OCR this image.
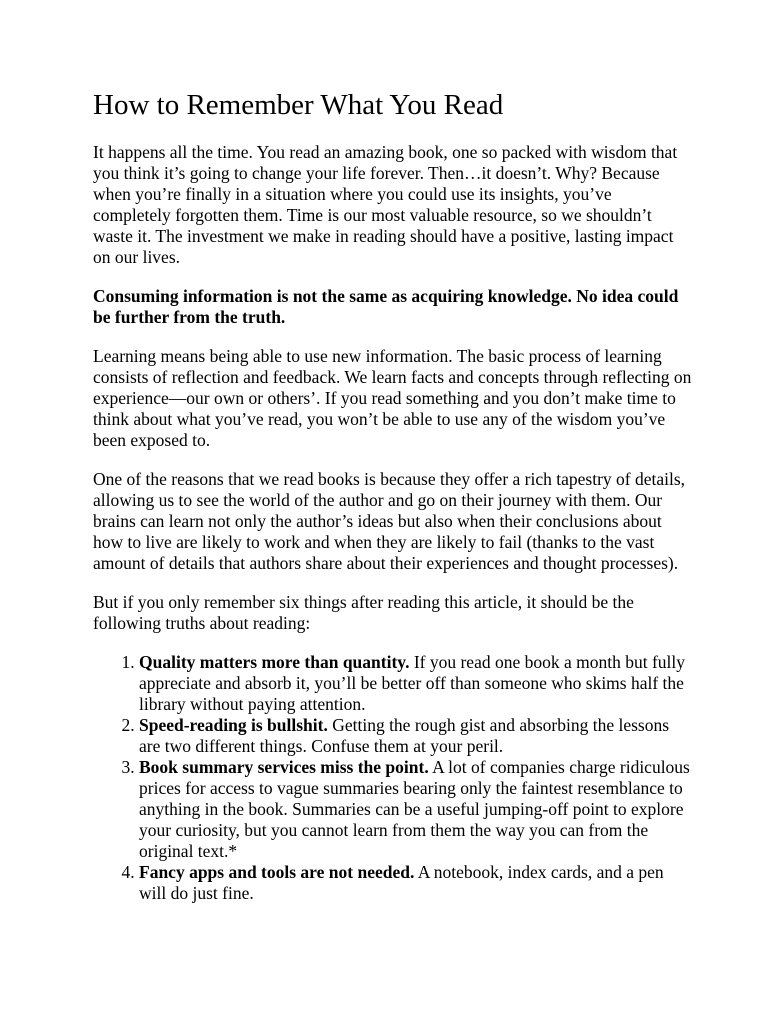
How to Remember What You Read

It happens all the time. You read an amazing book, one so packed with wisdom that you think it’s going to change your life forever. Then…it doesn’t. Why? Because when you’re finally in a situation where you could use its insights, you’ve completely forgotten them. Time is our most valuable resource, so we shouldn’t waste it. The investment we make in reading should have a positive, lasting impact on our lives.

Consuming information is not the same as acquiring knowledge. No idea could be further from the truth.

Learning means being able to use new information. The basic process of learning consists of reflection and feedback. We learn facts and concepts through reflecting on experience—our own or others’. If you read something and you don’t make time to think about what you’ve read, you won’t be able to use any of the wisdom you’ve been exposed to.

One of the reasons that we read books is because they offer a rich tapestry of details, allowing us to see the world of the author and go on their journey with them. Our brains can learn not only the author’s ideas but also when their conclusions about how to live are likely to work and when they are likely to fail (thanks to the vast amount of details that authors share about their experiences and thought processes).

But if you only remember six things after reading this article, it should be the following truths about reading:

1. Quality matters more than quantity. If you read one book a month but fully appreciate and absorb it, you’ll be better off than someone who skims half the library without paying attention.
2. Speed-reading is bullshit. Getting the rough gist and absorbing the lessons are two different things. Confuse them at your peril.
3. Book summary services miss the point. A lot of companies charge ridiculous prices for access to vague summaries bearing only the faintest resemblance to anything in the book. Summaries can be a useful jumping-off point to explore your curiosity, but you cannot learn from them the way you can from the original text.*
4. Fancy apps and tools are not needed. A notebook, index cards, and a pen will do just fine.
